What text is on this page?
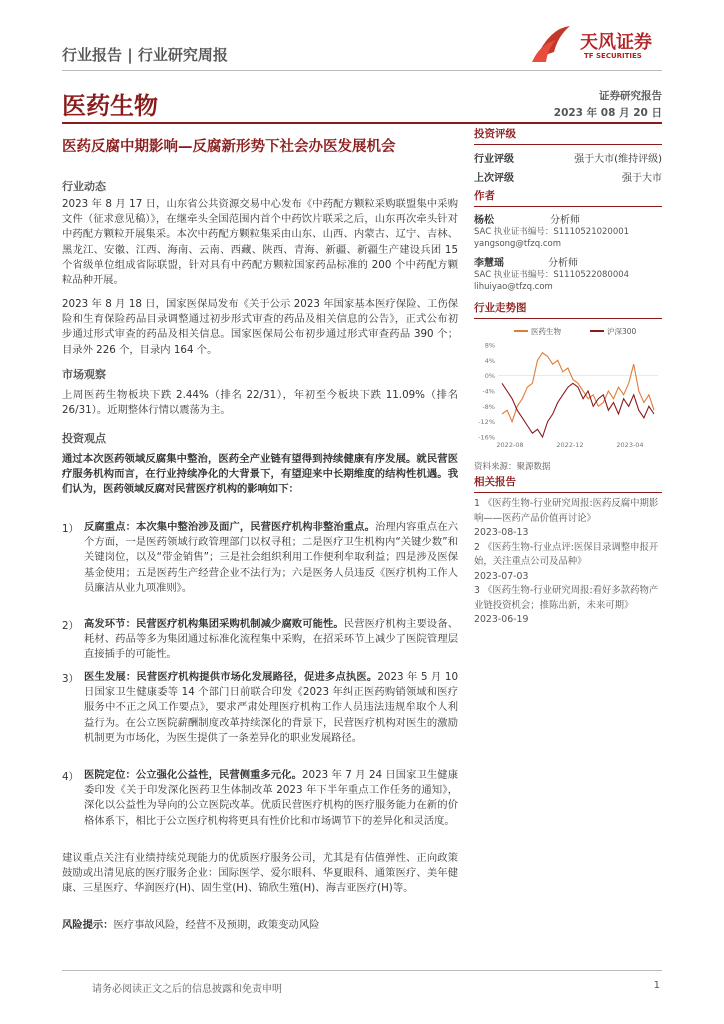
行业报告 | 行业研究周报
天风证券
TF SECURITIES
医药生物	证券研究报告
2023 年 08 月 20 日
医药反腐中期影响—反腐新形势下社会办医发展机会
行业动态
2023 年 8 月 17 日，山东省公共资源交易中心发布《中药配方颗粒采购联盟集中采购文件（征求意见稿）》，在继牵头全国范围内首个中药饮片联采之后，山东再次牵头针对中药配方颗粒开展集采。本次中药配方颗粒集采由山东、山西、内蒙古、辽宁、吉林、黑龙江、安徽、江西、海南、云南、西藏、陕西、青海、新疆、新疆生产建设兵团 15 个省级单位组成省际联盟，针对具有中药配方颗粒国家药品标准的 200 个中药配方颗粒品种开展。
2023 年 8 月 18 日，国家医保局发布《关于公示 2023 年国家基本医疗保险、工伤保险和生育保险药品目录调整通过初步形式审查的药品及相关信息的公告》，正式公布初步通过形式审查的药品及相关信息。国家医保局公布初步通过形式审查药品 390 个；目录外 226 个，目录内 164 个。
市场观察
上周医药生物板块下跌 2.44%（排名 22/31），年初至今板块下跌 11.09%（排名 26/31）。近期整体行情以震荡为主。
投资观点
通过本次医药领域反腐集中整治，医药全产业链有望得到持续健康有序发展。就民营医疗服务机构而言，在行业持续净化的大背景下，有望迎来中长期维度的结构性机遇。我们认为，医药领域反腐对民营医疗机构的影响如下：
1） 反腐重点：本次集中整治涉及面广，民营医疗机构非整治重点。治理内容重点在六个方面，一是医药领域行政管理部门以权寻租；二是医疗卫生机构内“关键少数”和关键岗位，以及“带金销售”；三是社会组织利用工作便利牟取利益；四是涉及医保基金使用；五是医药生产经营企业不法行为；六是医务人员违反《医疗机构工作人员廉洁从业九项准则》。
2） 高发环节：民营医疗机构集团采购机制减少腐败可能性。民营医疗机构主要设备、耗材、药品等多为集团通过标准化流程集中采购，在招采环节上减少了医院管理层直接插手的可能性。
3） 医生发展：民营医疗机构提供市场化发展路径，促进多点执医。2023 年 5 月 10 日国家卫生健康委等 14 个部门日前联合印发《2023 年纠正医药购销领域和医疗服务中不正之风工作要点》，要求严肃处理医疗机构工作人员违法违规牟取个人利益行为。在公立医院薪酬制度改革持续深化的背景下，民营医疗机构对医生的激励机制更为市场化，为医生提供了一条差异化的职业发展路径。
4） 医院定位：公立强化公益性，民营侧重多元化。2023 年 7 月 24 日国家卫生健康委印发《关于印发深化医药卫生体制改革 2023 年下半年重点工作任务的通知》，深化以公益性为导向的公立医院改革。优质民营医疗机构的医疗服务能力在新的价格体系下，相比于公立医疗机构将更具有性价比和市场调节下的差异化和灵活度。
建议重点关注有业绩持续兑现能力的优质医疗服务公司，尤其是有估值弹性、正向政策鼓励或出清见底的医疗服务企业：国际医学、爱尔眼科、华夏眼科、通策医疗、美年健康、三星医疗、华润医疗(H)、固生堂(H)、锦欣生殖(H)、海吉亚医疗(H)等。
风险提示：医疗事故风险，经营不及预期，政策变动风险
投资评级
行业评级	强于大市(维持评级)
上次评级	强于大市
作者
杨松	分析师
SAC 执业证书编号：S1110521020001
yangsong@tfzq.com
李慧瑶	分析师
SAC 执业证书编号：S1110522080004
lihuiyao@tfzq.com
行业走势图
医药生物	沪深300
8%
4%
0%
-4%
-8%
-12%
-16%
2022-08	2022-12	2023-04
资料来源：聚源数据
相关报告
1 《医药生物-行业研究周报:医药反腐中期影响——医药产品价值再讨论》
2023-08-13
2 《医药生物-行业点评:医保目录调整申报开始，关注重点公司及品种》
2023-07-03
3 《医药生物-行业研究周报:看好多款药物产业链投资机会；推陈出新，未来可期》 2023-06-19
请务必阅读正文之后的信息披露和免责申明	1
